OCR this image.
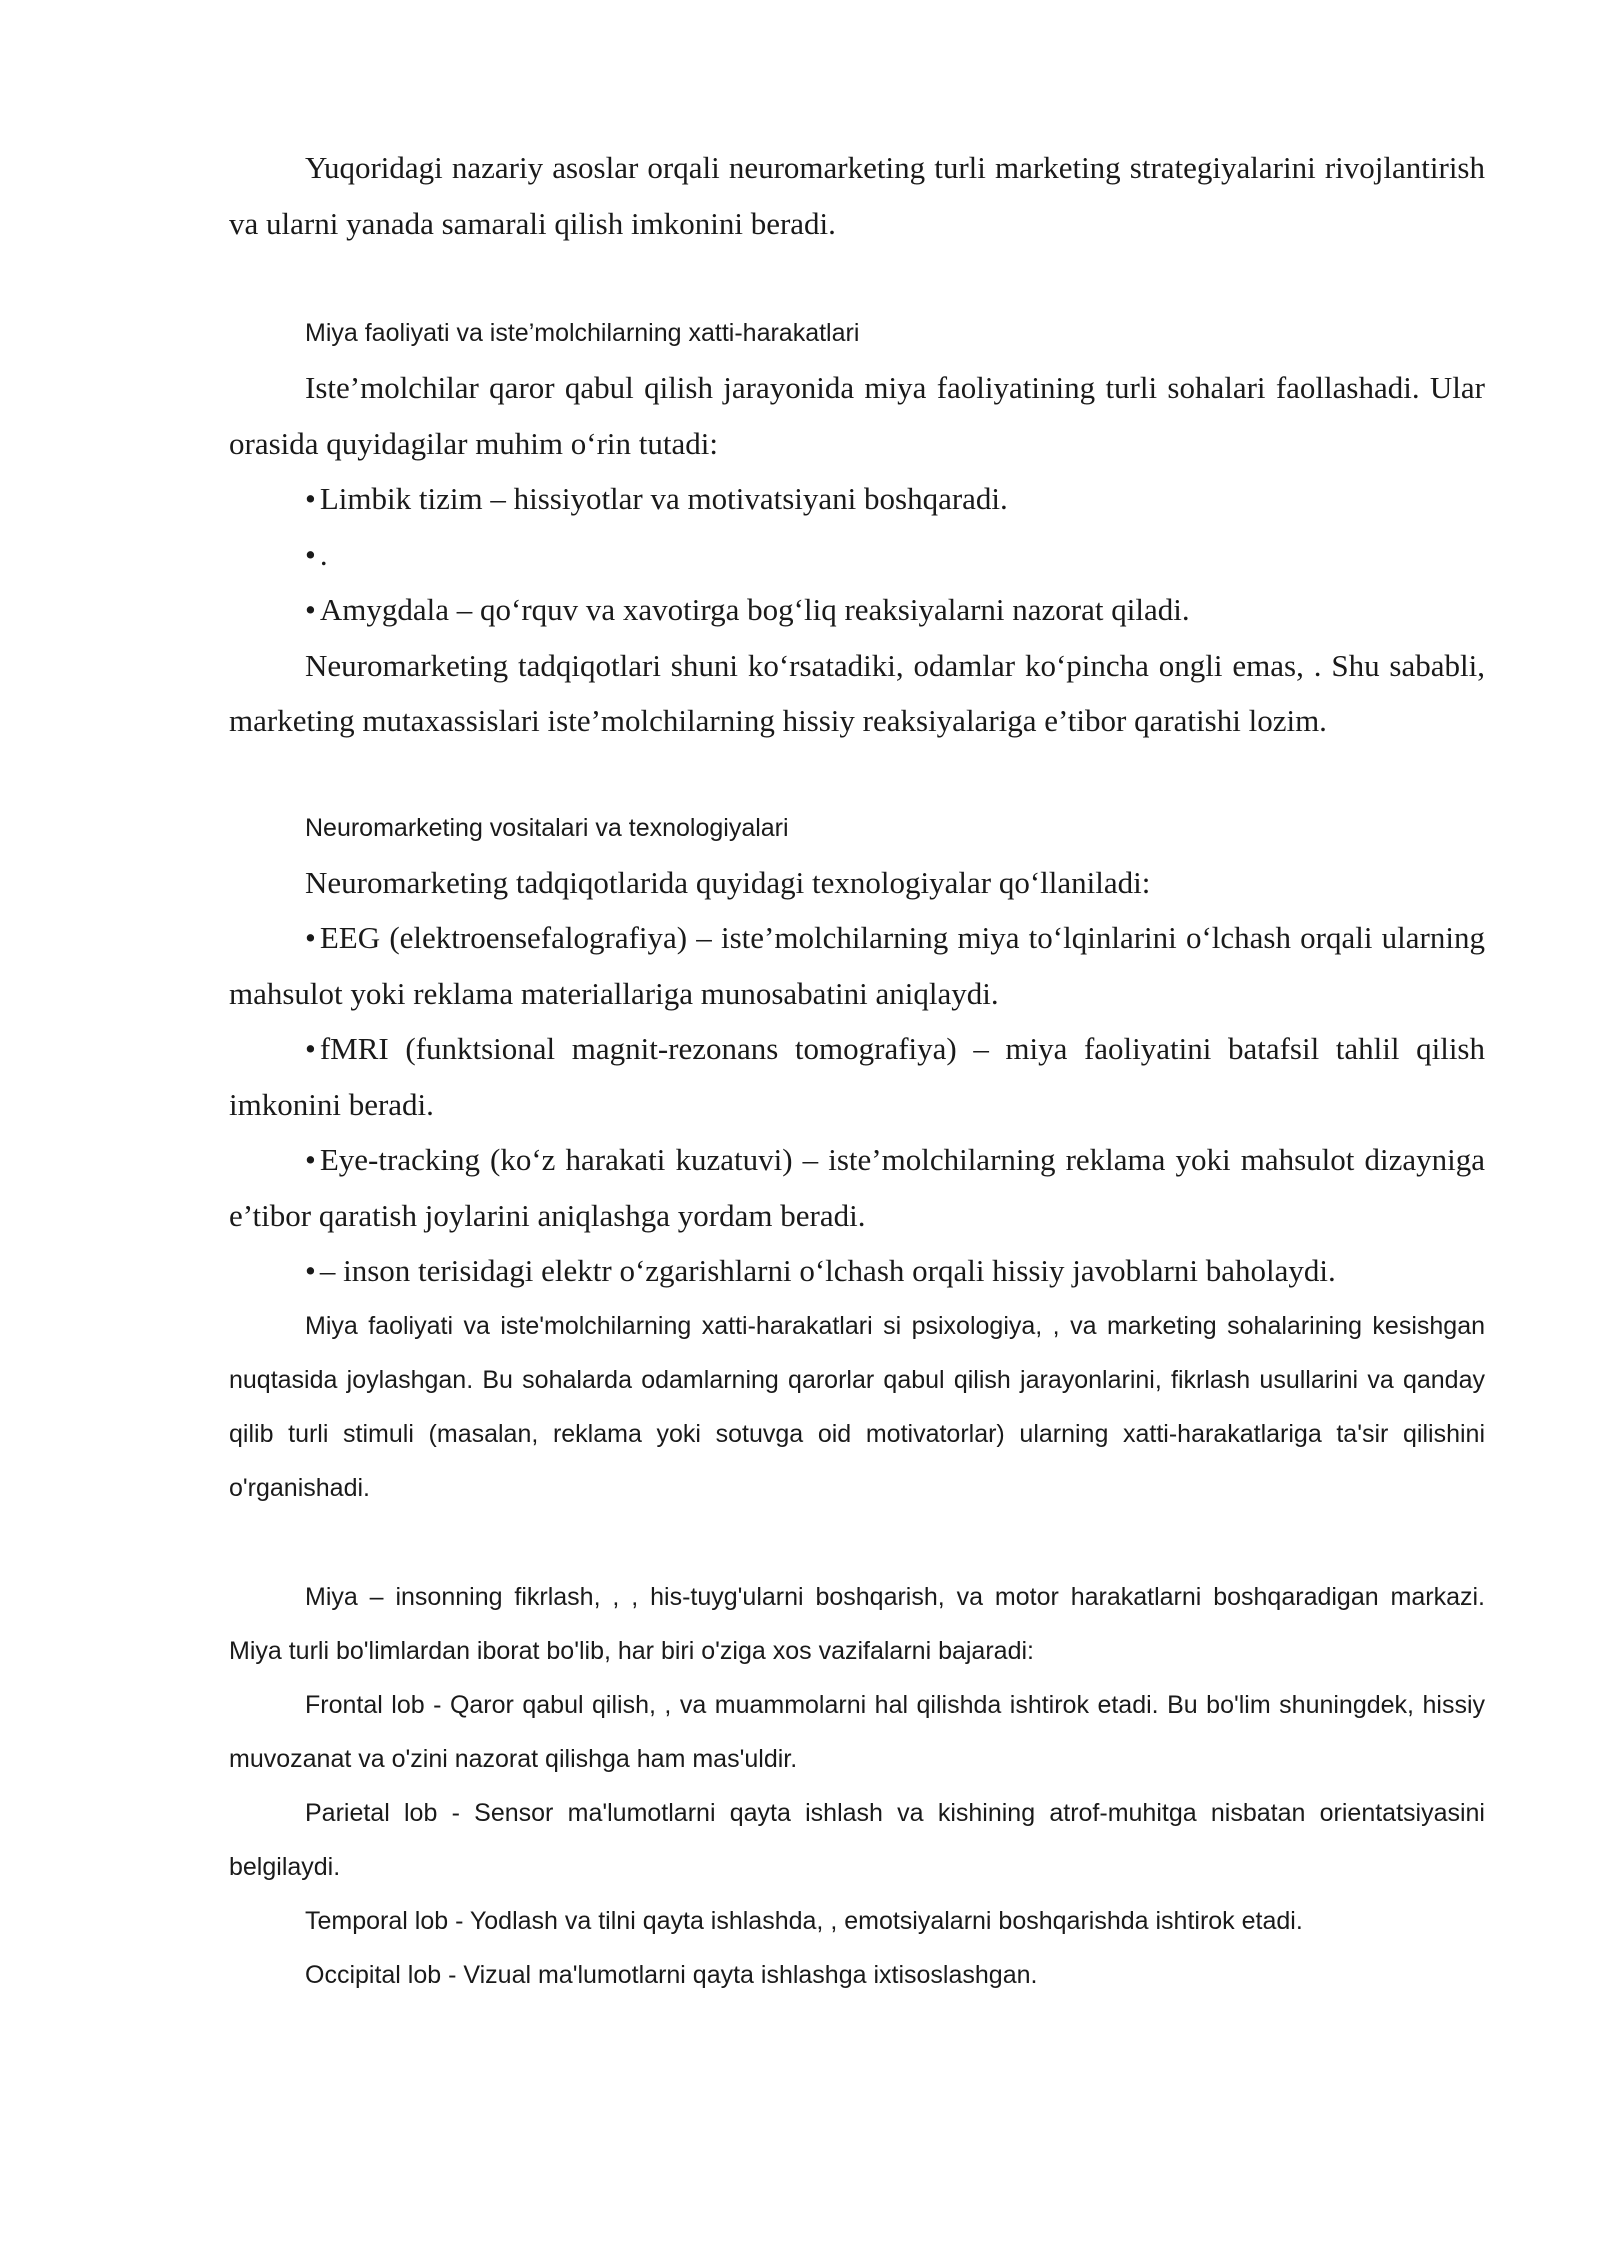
Yuqoridagi nazariy asoslar orqali neuromarketing turli marketing strategiyalarini rivojlantirish va ularni yanada samarali qilish imkonini beradi.

Miya faoliyati va iste’molchilarning xatti-harakatlari

Iste’molchilar qaror qabul qilish jarayonida miya faoliyatining turli sohalari faollashadi. Ular orasida quyidagilar muhim o‘rin tutadi:

• Limbik tizim – hissiyotlar va motivatsiyani boshqaradi.

• .

• Amygdala – qo‘rquv va xavotirga bog‘liq reaksiyalarni nazorat qiladi.

Neuromarketing tadqiqotlari shuni ko‘rsatadiki, odamlar ko‘pincha ongli emas, . Shu sababli, marketing mutaxassislari iste’molchilarning hissiy reaksiyalariga e’tibor qaratishi lozim.

Neuromarketing vositalari va texnologiyalari

Neuromarketing tadqiqotlarida quyidagi texnologiyalar qo‘llaniladi:

• EEG (elektroensefalografiya) – iste’molchilarning miya to‘lqinlarini o‘lchash orqali ularning mahsulot yoki reklama materiallariga munosabatini aniqlaydi.

• fMRI (funktsional magnit-rezonans tomografiya) – miya faoliyatini batafsil tahlil qilish imkonini beradi.

• Eye-tracking (ko‘z harakati kuzatuvi) – iste’molchilarning reklama yoki mahsulot dizayniga e’tibor qaratish joylarini aniqlashga yordam beradi.

• – inson terisidagi elektr o‘zgarishlarni o‘lchash orqali hissiy javoblarni baholaydi.

Miya faoliyati va iste'molchilarning xatti-harakatlari si psixologiya, , va marketing sohalarining kesishgan nuqtasida joylashgan. Bu sohalarda odamlarning qarorlar qabul qilish jarayonlarini, fikrlash usullarini va qanday qilib turli stimuli (masalan, reklama yoki sotuvga oid motivatorlar) ularning xatti-harakatlariga ta'sir qilishini o'rganishadi.

Miya – insonning fikrlash, , , his-tuyg'ularni boshqarish, va motor harakatlarni boshqaradigan markazi. Miya turli bo'limlardan iborat bo'lib, har biri o'ziga xos vazifalarni bajaradi:

Frontal lob - Qaror qabul qilish, , va muammolarni hal qilishda ishtirok etadi. Bu bo'lim shuningdek, hissiy muvozanat va o'zini nazorat qilishga ham mas'uldir.

Parietal lob - Sensor ma'lumotlarni qayta ishlash va kishining atrof-muhitga nisbatan orientatsiyasini belgilaydi.

Temporal lob - Yodlash va tilni qayta ishlashda, , emotsiyalarni boshqarishda ishtirok etadi.

Occipital lob - Vizual ma'lumotlarni qayta ishlashga ixtisoslashgan.
